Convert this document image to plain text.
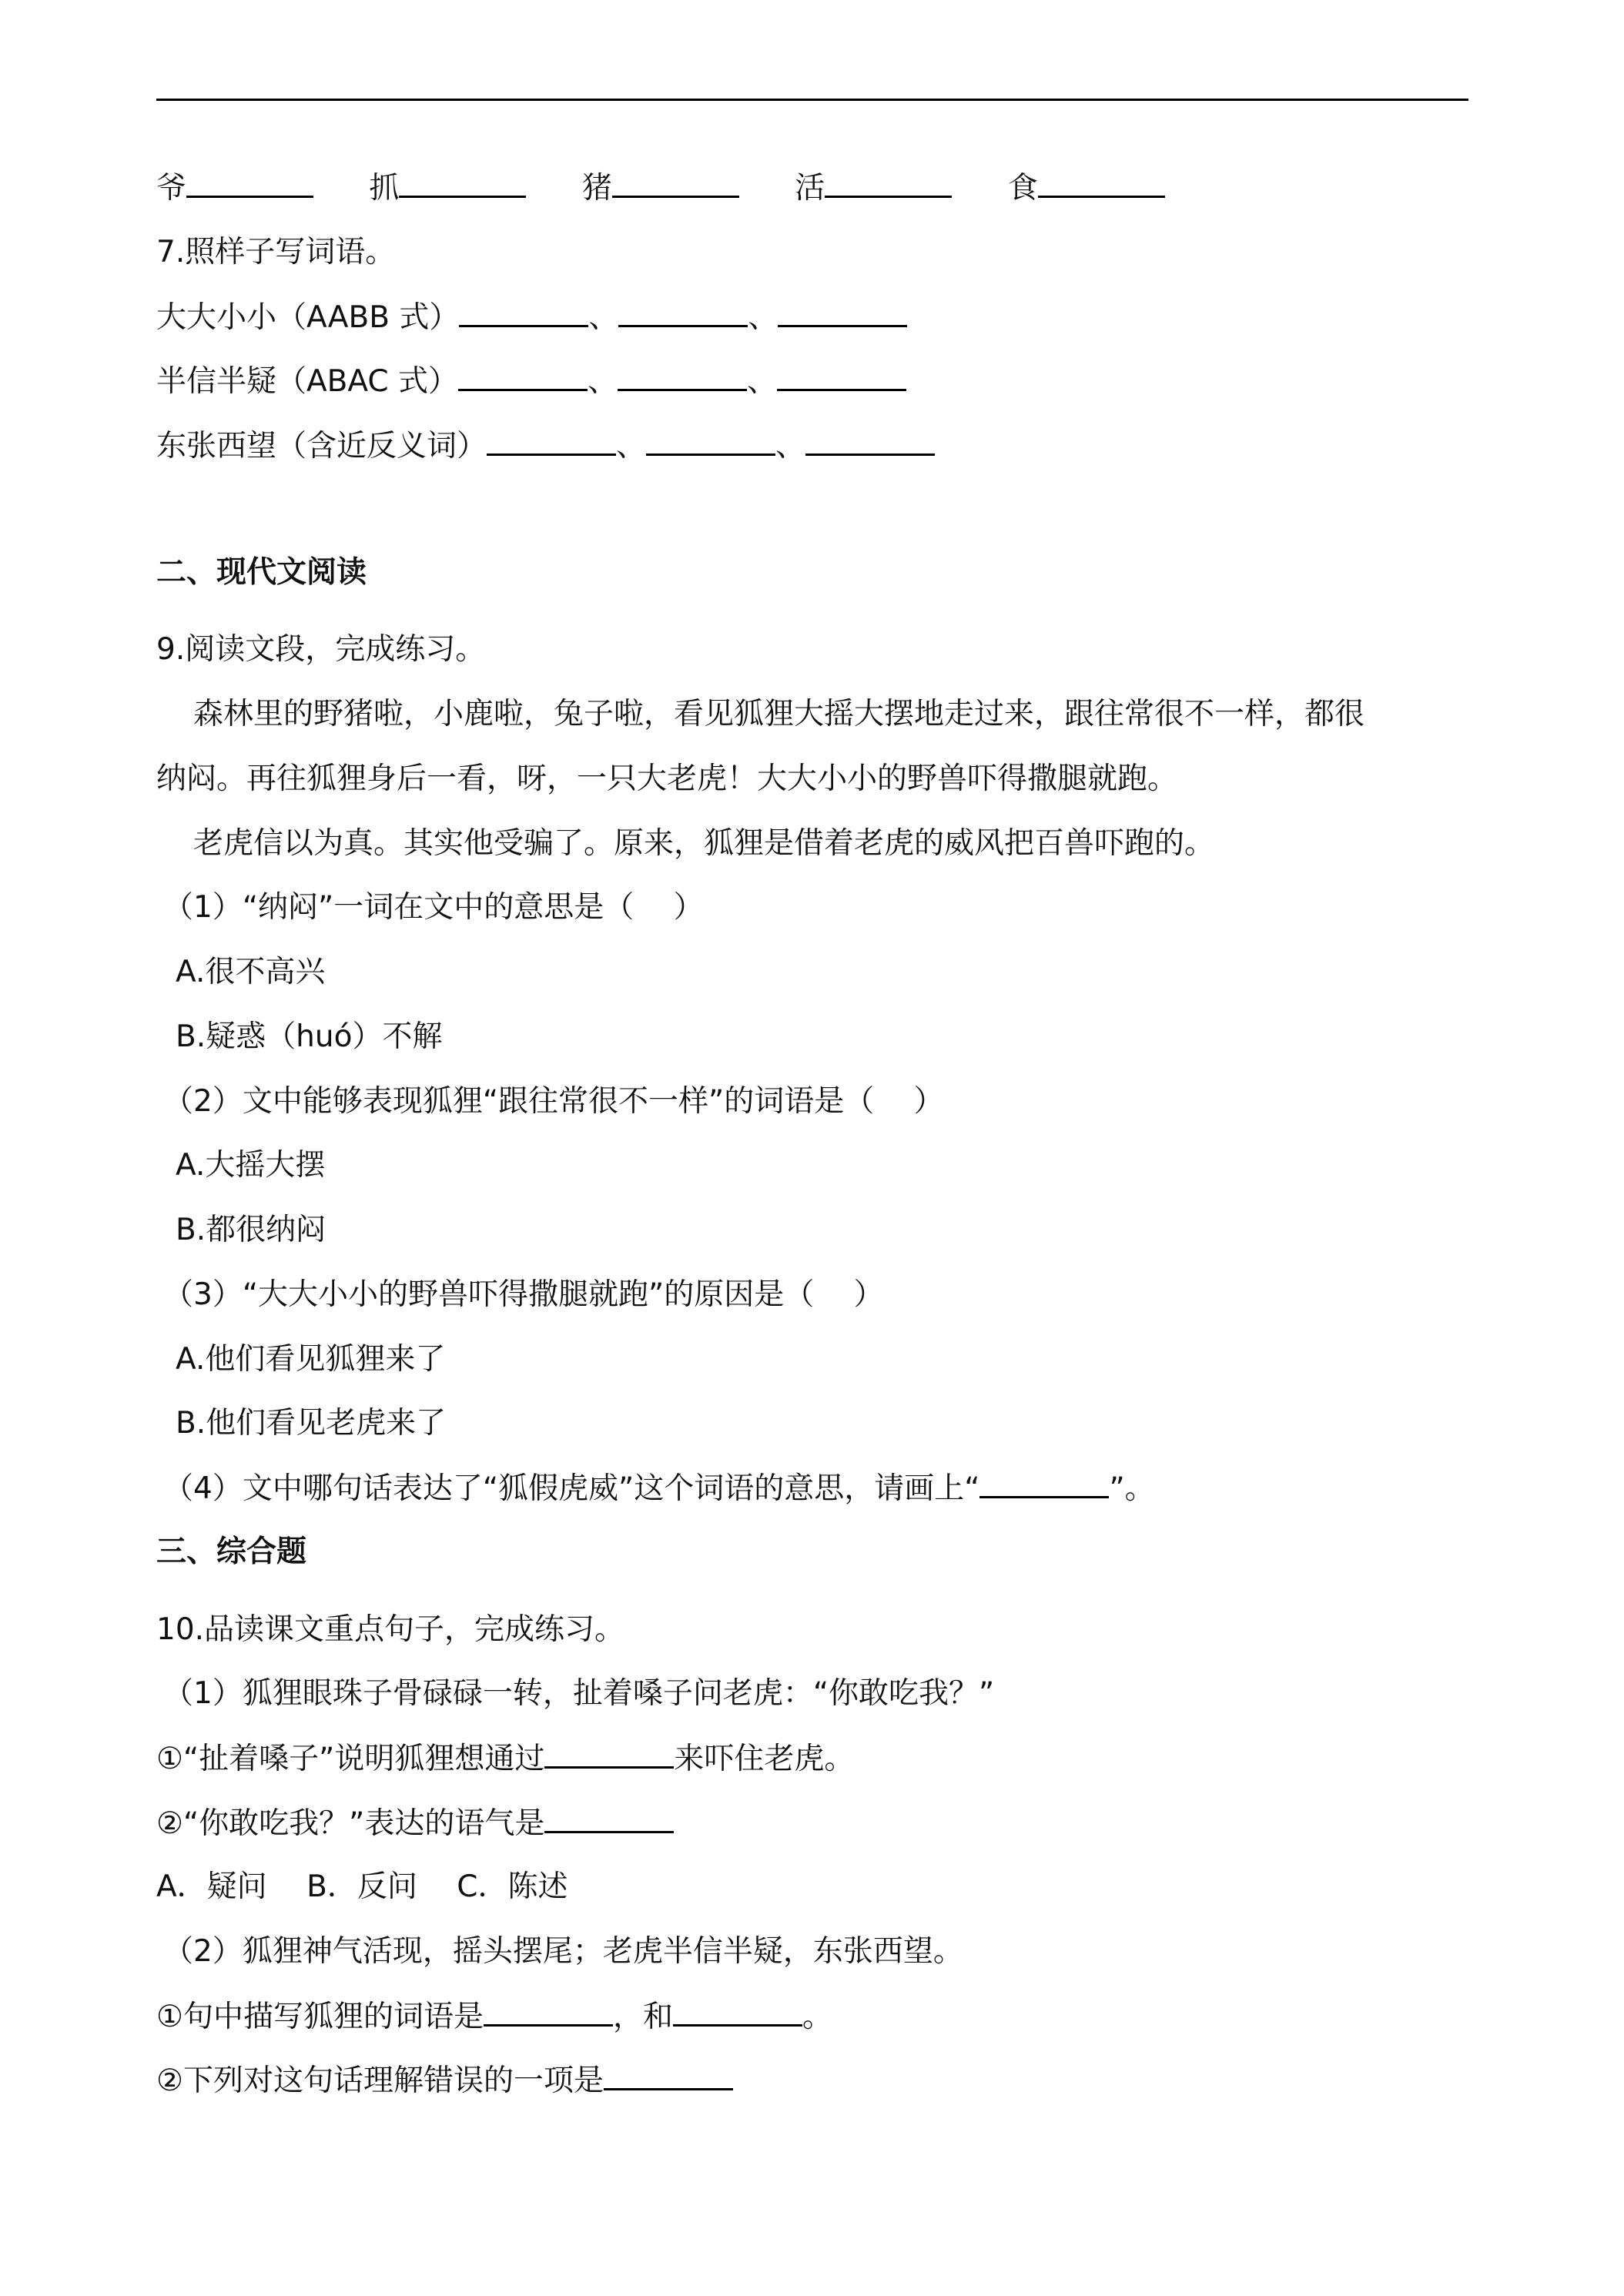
爷	抓	猪	活	食
7.照样子写词语。
大大小小（AABB 式）	、	、
半信半疑（ABAC 式）	、	、
东张西望（含近反义词）	、	、
二、现代文阅读
9.阅读文段，完成练习。
森林里的野猪啦，小鹿啦，兔子啦，看见狐狸大摇大摆地走过来，跟往常很不一样，都很
纳闷。再往狐狸身后一看，呀，一只大老虎！大大小小的野兽吓得撒腿就跑。
老虎信以为真。其实他受骗了。原来，狐狸是借着老虎的威风把百兽吓跑的。
（1）“纳闷”一词在文中的意思是（　 ）
A.很不高兴
B.疑惑（huó）不解
（2）文中能够表现狐狸“跟往常很不一样”的词语是（　 ）
A.大摇大摆
B.都很纳闷
（3）“大大小小的野兽吓得撒腿就跑”的原因是（　 ）
A.他们看见狐狸来了
B.他们看见老虎来了
（4）文中哪句话表达了“狐假虎威”这个词语的意思，请画上“	”。
三、综合题
10.品读课文重点句子，完成练习。
（1）狐狸眼珠子骨碌碌一转，扯着嗓子问老虎：“你敢吃我？”
①“扯着嗓子”说明狐狸想通过	来吓住老虎。
②“你敢吃我？”表达的语气是
A．疑问　 B．反问　 C．陈述
（2）狐狸神气活现，摇头摆尾；老虎半信半疑，东张西望。
①句中描写狐狸的词语是	，和	。
②下列对这句话理解错误的一项是
